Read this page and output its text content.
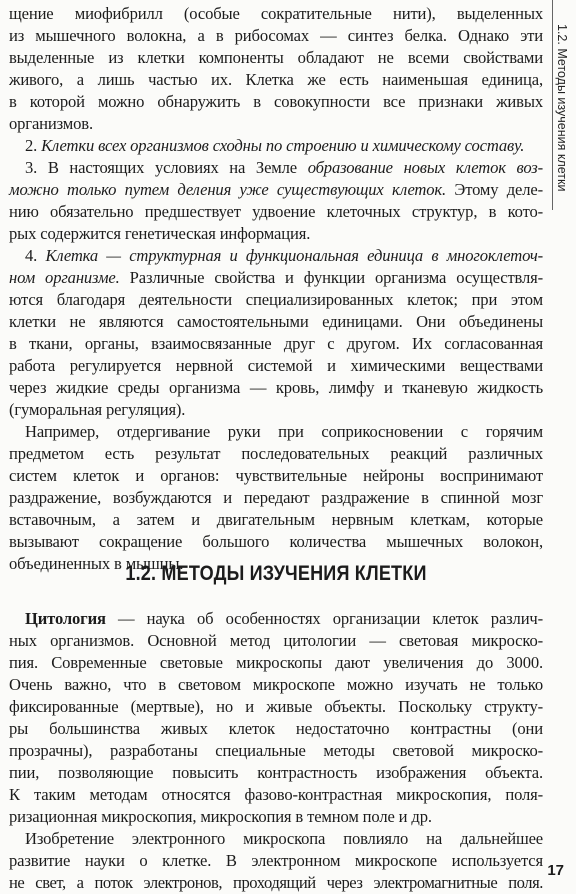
1.2. Методы изучения клетки
щение миофибрилл (особые сократительные нити), выделенных
из мышечного волокна, а в рибосомах — синтез белка. Однако эти
выделенные из клетки компоненты обладают не всеми свойствами
живого, а лишь частью их. Клетка же есть наименьшая единица,
в которой можно обнаружить в совокупности все признаки живых
организмов.
2. Клетки всех организмов сходны по строению и химическому составу.
3. В настоящих условиях на Земле образование новых клеток воз-
можно только путем деления уже существующих клеток. Этому деле-
нию обязательно предшествует удвоение клеточных структур, в кото-
рых содержится генетическая информация.
4. Клетка — структурная и функциональная единица в многоклеточ-
ном организме. Различные свойства и функции организма осуществля-
ются благодаря деятельности специализированных клеток; при этом
клетки не являются самостоятельными единицами. Они объединены
в ткани, органы, взаимосвязанные друг с другом. Их согласованная
работа регулируется нервной системой и химическими веществами
через жидкие среды организма — кровь, лимфу и тканевую жидкость
(гуморальная регуляция).
Например, отдергивание руки при соприкосновении с горячим
предметом есть результат последовательных реакций различных
систем клеток и органов: чувствительные нейроны воспринимают
раздражение, возбуждаются и передают раздражение в спинной мозг
вставочным, а затем и двигательным нервным клеткам, которые
вызывают сокращение большого количества мышечных волокон,
объединенных в мышцы.
1.2. МЕТОДЫ ИЗУЧЕНИЯ КЛЕТКИ
Цитология — наука об особенностях организации клеток различ-
ных организмов. Основной метод цитологии — световая микроско-
пия. Современные световые микроскопы дают увеличения до 3000.
Очень важно, что в световом микроскопе можно изучать не только
фиксированные (мертвые), но и живые объекты. Поскольку структу-
ры большинства живых клеток недостаточно контрастны (они
прозрачны), разработаны специальные методы световой микроско-
пии, позволяющие повысить контрастность изображения объекта.
К таким методам относятся фазово-контрастная микроскопия, поля-
ризационная микроскопия, микроскопия в темном поле и др.
Изобретение электронного микроскопа повлияло на дальнейшее
развитие науки о клетке. В электронном микроскопе используется
не свет, а поток электронов, проходящий через электромагнитные поля.
17
